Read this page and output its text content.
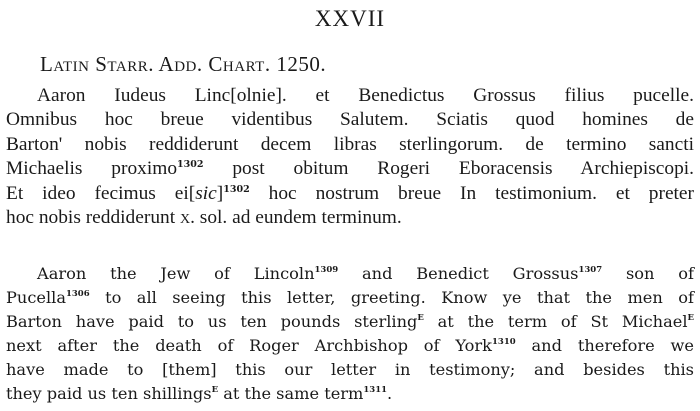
XXVII
Latin Starr. Add. Chart. 1250.
Aaron Iudeus Linc[olnie]. et Benedictus Grossus filius pucelle.
Omnibus hoc breue videntibus Salutem. Sciatis quod homines de
Barton' nobis reddiderunt decem libras sterlingorum. de termino sancti
Michaelis proximo$^{1302}$ post obitum Rogeri Eboracensis Archiepiscopi.
Et ideo fecimus ei[sic]$^{1302}$ hoc nostrum breue In testimonium. et preter
hoc nobis reddiderunt x. sol. ad eundem terminum.
Aaron the Jew of Lincoln$^{1309}$ and Benedict Grossus$^{1307}$ son of
Pucella$^{1306}$ to all seeing this letter, greeting. Know ye that the men of
Barton have paid to us ten pounds sterling$^E$ at the term of St Michael$^E$
next after the death of Roger Archbishop of York$^{1310}$ and therefore we
have made to [them] this our letter in testimony; and besides this
they paid us ten shillings$^E$ at the same term$^{1311}$.
